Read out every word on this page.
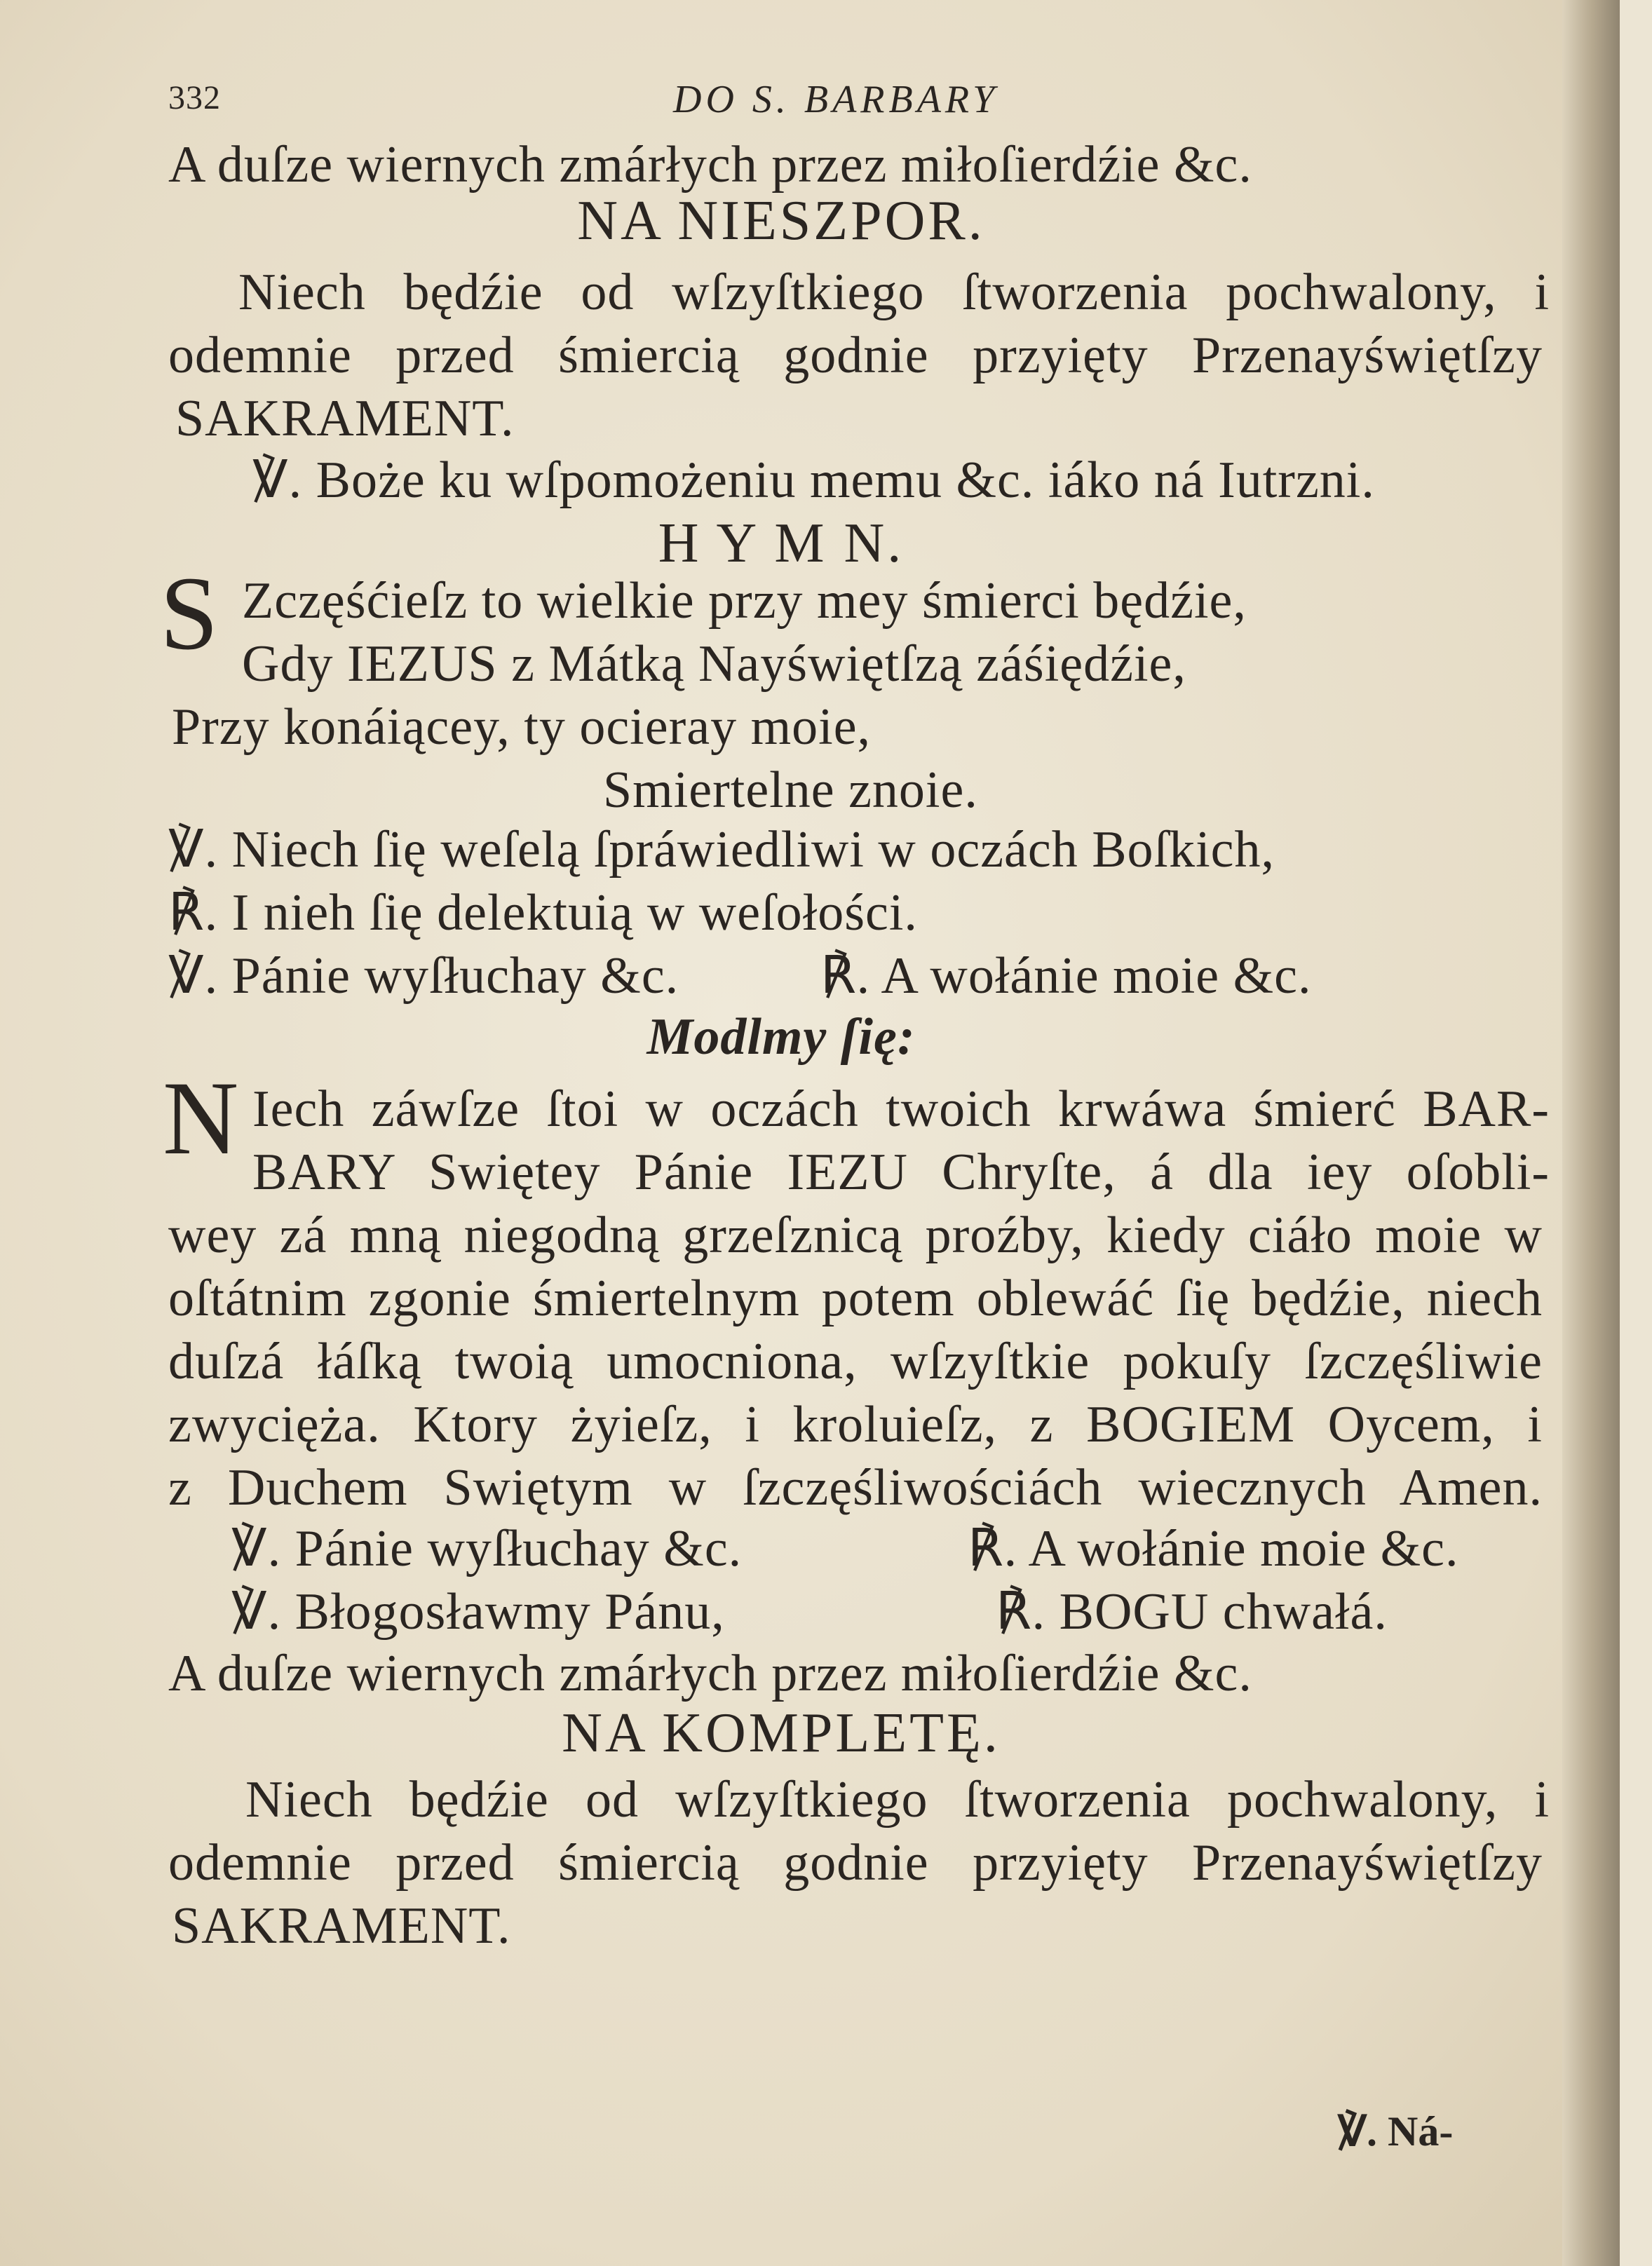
332	DO S. BARBARY
A duſze wiernych zmárłych przez miłoſierdźie &c.
NA NIESZPOR.
Niech będźie od wſzyſtkiego ſtworzenia pochwalony, i
odemnie przed śmiercią godnie przyięty Przenayświętſzy
SAKRAMENT.
℣. Boże ku wſpomożeniu memu &c. iáko ná Iutrzni.
H Y M N.
S Zczęśćieſz to wielkie przy mey śmierci będźie,
Gdy IEZUS z Mátką Nayświętſzą záśiędźie,
Przy konáiącey, ty ocieray moie,
Smiertelne znoie.
℣. Niech ſię weſelą ſpráwiedliwi w oczách Boſkich,
℟. I nieh ſię delektuią w weſołości.
℣. Pánie wyſłuchay &c.	℟. A wołánie moie &c.
Modlmy ſię:
N Iech záwſze ſtoi w oczách twoich krwáwa śmierć BAR-
BARY Swiętey Pánie IEZU Chryſte, á dla iey oſobli-
wey zá mną niegodną grzeſznicą proźby, kiedy ciáło moie w
oſtátnim zgonie śmiertelnym potem oblewáć ſię będźie, niech
duſzá łáſką twoią umocniona, wſzyſtkie pokuſy ſzczęśliwie
zwycięża. Ktory żyieſz, i kroluieſz, z BOGIEM Oycem, i
z Duchem Swiętym w ſzczęśliwościách wiecznych Amen.
℣. Pánie wyſłuchay &c.	℟. A wołánie moie &c.
℣. Błogosławmy Pánu,	℟. BOGU chwałá.
A duſze wiernych zmárłych przez miłoſierdźie &c.
NA KOMPLETĘ.
Niech będźie od wſzyſtkiego ſtworzenia pochwalony, i
odemnie przed śmiercią godnie przyięty Przenayświętſzy
SAKRAMENT.
℣. Ná-
